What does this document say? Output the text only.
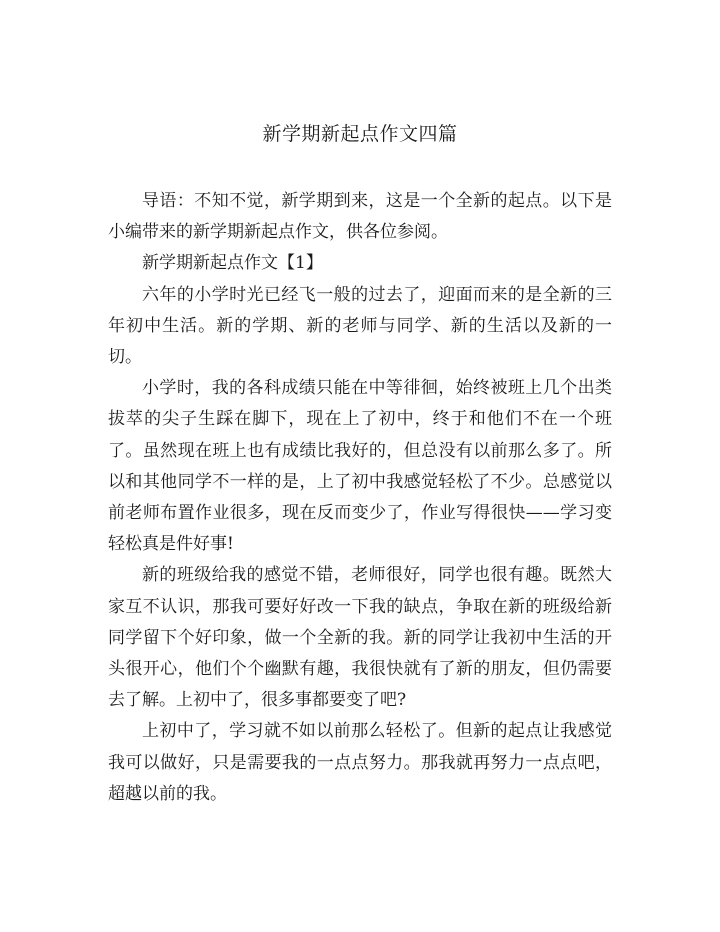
新学期新起点作文四篇

导语：不知不觉，新学期到来，这是一个全新的起点。以下是小编带来的新学期新起点作文，供各位参阅。

新学期新起点作文【1】

六年的小学时光已经飞一般的过去了，迎面而来的是全新的三年初中生活。新的学期、新的老师与同学、新的生活以及新的一切。

小学时，我的各科成绩只能在中等徘徊，始终被班上几个出类拔萃的尖子生踩在脚下，现在上了初中，终于和他们不在一个班了。虽然现在班上也有成绩比我好的，但总没有以前那么多了。所以和其他同学不一样的是，上了初中我感觉轻松了不少。总感觉以前老师布置作业很多，现在反而变少了，作业写得很快——学习变轻松真是件好事!

新的班级给我的感觉不错，老师很好，同学也很有趣。既然大家互不认识，那我可要好好改一下我的缺点，争取在新的班级给新同学留下个好印象，做一个全新的我。新的同学让我初中生活的开头很开心，他们个个幽默有趣，我很快就有了新的朋友，但仍需要去了解。上初中了，很多事都要变了吧?

上初中了，学习就不如以前那么轻松了。但新的起点让我感觉我可以做好，只是需要我的一点点努力。那我就再努力一点点吧，超越以前的我。
